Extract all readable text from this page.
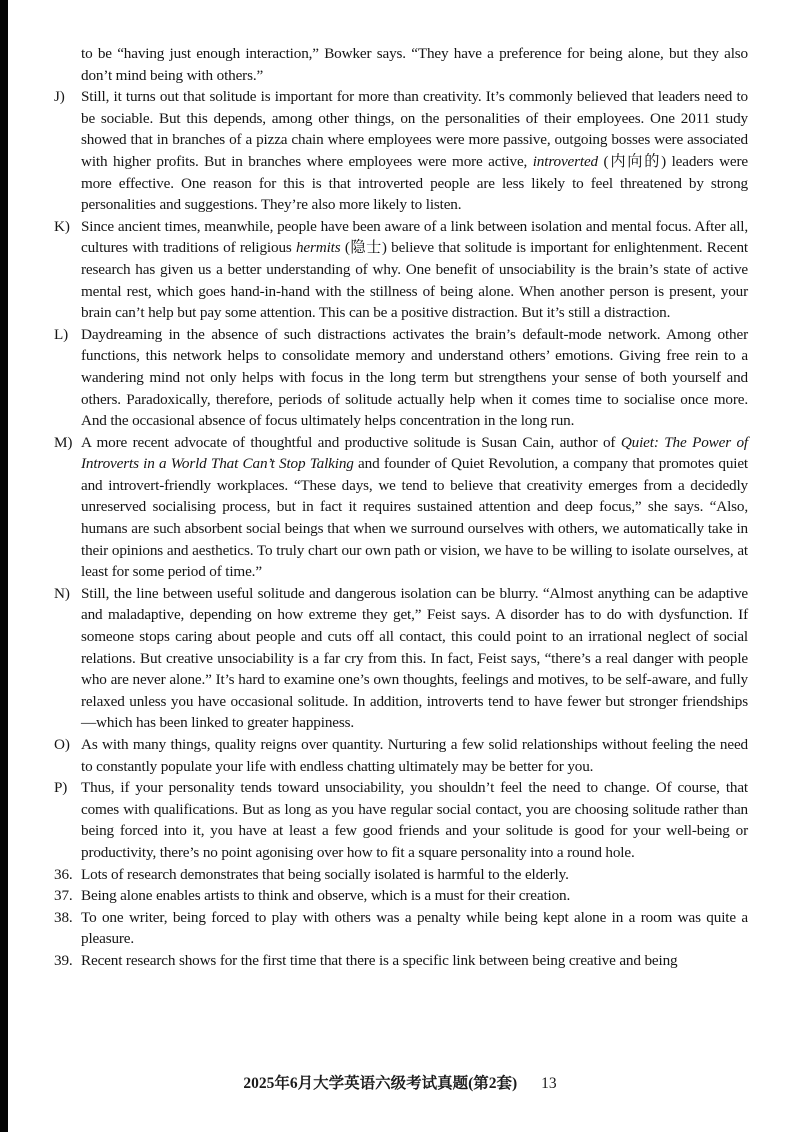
to be “having just enough interaction,” Bowker says. “They have a preference for being alone, but they also don’t mind being with others.”
J)	Still, it turns out that solitude is important for more than creativity. It’s commonly believed that leaders need to be sociable. But this depends, among other things, on the personalities of their employees. One 2011 study showed that in branches of a pizza chain where employees were more passive, outgoing bosses were associated with higher profits. But in branches where employees were more active, introverted (内向的) leaders were more effective. One reason for this is that introverted people are less likely to feel threatened by strong personalities and suggestions. They’re also more likely to listen.
K) Since ancient times, meanwhile, people have been aware of a link between isolation and mental focus. After all, cultures with traditions of religious hermits (隐士) believe that solitude is important for enlightenment. Recent research has given us a better understanding of why. One benefit of unsociability is the brain’s state of active mental rest, which goes hand-in-hand with the stillness of being alone. When another person is present, your brain can’t help but pay some attention. This can be a positive distraction. But it’s still a distraction.
L) Daydreaming in the absence of such distractions activates the brain’s default-mode network. Among other functions, this network helps to consolidate memory and understand others’ emotions. Giving free rein to a wandering mind not only helps with focus in the long term but strengthens your sense of both yourself and others. Paradoxically, therefore, periods of solitude actually help when it comes time to socialise once more. And the occasional absence of focus ultimately helps concentration in the long run.
M) A more recent advocate of thoughtful and productive solitude is Susan Cain, author of Quiet: The Power of Introverts in a World That Can’t Stop Talking and founder of Quiet Revolution, a company that promotes quiet and introvert-friendly workplaces. “These days, we tend to believe that creativity emerges from a decidedly unreserved socialising process, but in fact it requires sustained attention and deep focus,” she says. “Also, humans are such absorbent social beings that when we surround ourselves with others, we automatically take in their opinions and aesthetics. To truly chart our own path or vision, we have to be willing to isolate ourselves, at least for some period of time.”
N) Still, the line between useful solitude and dangerous isolation can be blurry. “Almost anything can be adaptive and maladaptive, depending on how extreme they get,” Feist says. A disorder has to do with dysfunction. If someone stops caring about people and cuts off all contact, this could point to an irrational neglect of social relations. But creative unsociability is a far cry from this. In fact, Feist says, “there’s a real danger with people who are never alone.” It’s hard to examine one’s own thoughts, feelings and motives, to be self-aware, and fully relaxed unless you have occasional solitude. In addition, introverts tend to have fewer but stronger friendships—which has been linked to greater happiness.
O) As with many things, quality reigns over quantity. Nurturing a few solid relationships without feeling the need to constantly populate your life with endless chatting ultimately may be better for you.
P) Thus, if your personality tends toward unsociability, you shouldn’t feel the need to change. Of course, that comes with qualifications. But as long as you have regular social contact, you are choosing solitude rather than being forced into it, you have at least a few good friends and your solitude is good for your well-being or productivity, there’s no point agonising over how to fit a square personality into a round hole.
36. Lots of research demonstrates that being socially isolated is harmful to the elderly.
37. Being alone enables artists to think and observe, which is a must for their creation.
38. To one writer, being forced to play with others was a penalty while being kept alone in a room was quite a pleasure.
39. Recent research shows for the first time that there is a specific link between being creative and being
2025年6月大学英语六级考试真题(第2套) 13
